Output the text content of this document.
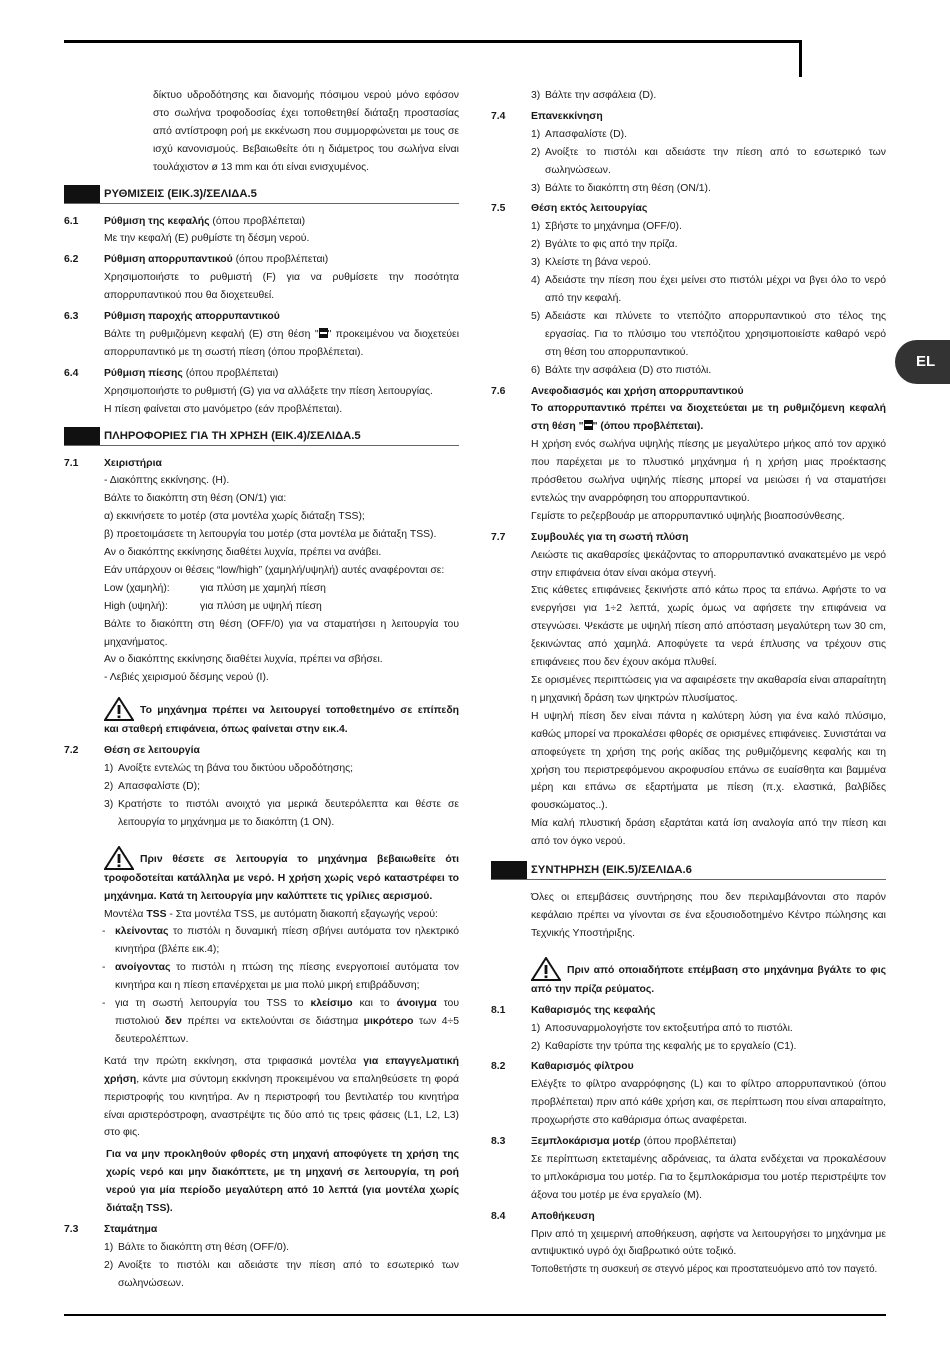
EL

δίκτυο υδροδότησης και διανομής πόσιμου νερού μόνο εφόσον στο σωλήνα τροφοδοσίας έχει τοποθετηθεί διάταξη προστασίας από αντίστροφη ροή με εκκένωση που συμμορφώνεται με τους σε ισχύ κανονισμούς. Βεβαιωθείτε ότι η διάμετρος του σωλήνα είναι τουλάχιστον ø 13 mm και ότι είναι ενισχυμένος.

ΡΥΘΜΙΣΕΙΣ (ΕΙΚ.3)/ΣΕΛΙΔΑ.5
6.1 Ρύθμιση της κεφαλής (όπου προβλέπεται)

Με την κεφαλή (E) ρυθμίστε τη δέσμη νερού.

6.2 Ρύθμιση απορρυπαντικού (όπου προβλέπεται)

Χρησιμοποιήστε το ρυθμιστή (F) για να ρυθμίσετε την ποσότητα απορρυπαντικού που θα διοχετευθεί.

6.3 Ρύθμιση παροχής απορρυπαντικού

Βάλτε τη ρυθμιζόμενη κεφαλή (E) στη θέση " " προκειμένου να διοχετεύει απορρυπαντικό με τη σωστή πίεση (όπου προβλέπεται).

6.4 Ρύθμιση πίεσης (όπου προβλέπεται)

Χρησιμοποιήστε το ρυθμιστή (G) για να αλλάξετε την πίεση λειτουργίας.

Η πίεση φαίνεται στο μανόμετρο (εάν προβλέπεται).

ΠΛΗΡΟΦΟΡΙΕΣ ΓΙΑ ΤΗ ΧΡΗΣΗ (ΕΙΚ.4)/ΣΕΛΙΔΑ.5
7.1 Χειριστήρια

- Διακόπτης εκκίνησης. (H).

Βάλτε το διακόπτη στη θέση (ON/1) για:

α) εκκινήσετε το μοτέρ (στα μοντέλα χωρίς διάταξη TSS);

β) προετοιμάσετε τη λειτουργία του μοτέρ (στα μοντέλα με διάταξη TSS).

Αν ο διακόπτης εκκίνησης διαθέτει λυχνία, πρέπει να ανάβει.

Εάν υπάρχουν οι θέσεις “low/high” (χαμηλή/υψηλή) αυτές αναφέρονται σε:

Low (χαμηλή):	για πλύση με χαμηλή πίεση
High (υψηλή):	για πλύση με υψηλή πίεση

Βάλτε το διακόπτη στη θέση (OFF/0) για να σταματήσει η λειτουργία του μηχανήματος.

Αν ο διακόπτης εκκίνησης διαθέτει λυχνία, πρέπει να σβήσει.

- Λεβιές χειρισμού δέσμης νερού (I).

Το μηχάνημα πρέπει να λειτουργεί τοποθετημένο σε επίπεδη και σταθερή επιφάνεια, όπως φαίνεται στην εικ.4.

7.2 Θέση σε λειτουργία
1) Ανοίξτε εντελώς τη βάνα του δικτύου υδροδότησης;
2) Απασφαλίστε (D);
3) Κρατήστε το πιστόλι ανοιχτό για μερικά δευτερόλεπτα και θέστε σε λειτουργία το μηχάνημα με το διακόπτη (1 ON).

Πριν θέσετε σε λειτουργία το μηχάνημα βεβαιωθείτε ότι τροφοδοτείται κατάλληλα με νερό. Η χρήση χωρίς νερό καταστρέφει το μηχάνημα. Κατά τη λειτουργία μην καλύπτετε τις γρίλιες αερισμού.

Μοντέλα TSS - Στα μοντέλα TSS, με αυτόματη διακοπή εξαγωγής νερού:

- κλείνοντας το πιστόλι η δυναμική πίεση σβήνει αυτόματα τον ηλεκτρικό κινητήρα (βλέπε εικ.4);
- ανοίγοντας το πιστόλι η πτώση της πίεσης ενεργοποιεί αυτόματα τον κινητήρα και η πίεση επανέρχεται με μια πολύ μικρή επιβράδυνση;
- για τη σωστή λειτουργία του TSS το κλείσιμο και το άνοιγμα του πιστολιού δεν πρέπει να εκτελούνται σε διάστημα μικρότερο των 4÷5 δευτερολέπτων.

Κατά την πρώτη εκκίνηση, στα τριφασικά μοντέλα για επαγγελματική χρήση, κάντε μια σύντομη εκκίνηση προκειμένου να επαληθεύσετε τη φορά περιστροφής του κινητήρα. Αν η περιστροφή του βεντιλατέρ του κινητήρα είναι αριστερόστροφη, αναστρέψτε τις δύο από τις τρεις φάσεις (L1, L2, L3) στο φις.

Για να μην προκληθούν φθορές στη μηχανή αποφύγετε τη χρήση της χωρίς νερό και μην διακόπτετε, με τη μηχανή σε λειτουργία, τη ροή νερού για μία περίοδο μεγαλύτερη από 10 λεπτά (για μοντέλα χωρίς διάταξη TSS).

7.3 Σταμάτημα
1) Βάλτε το διακόπτη στη θέση (OFF/0).
2) Ανοίξτε το πιστόλι και αδειάστε την πίεση από το εσωτερικό των σωληνώσεων.
3) Βάλτε την ασφάλεια (D).
7.4 Επανεκκίνηση
1) Απασφαλίστε (D).
2) Ανοίξτε το πιστόλι και αδειάστε την πίεση από το εσωτερικό των σωληνώσεων.
3) Βάλτε το διακόπτη στη θέση (ON/1).
7.5 Θέση εκτός λειτουργίας
1) Σβήστε το μηχάνημα (OFF/0).
2) Βγάλτε το φις από την πρίζα.
3) Κλείστε τη βάνα νερού.
4) Αδειάστε την πίεση που έχει μείνει στο πιστόλι μέχρι να βγει όλο το νερό από την κεφαλή.
5) Αδειάστε και πλύνετε το ντεπόζιτο απορρυπαντικού στο τέλος της εργασίας. Για το πλύσιμο του ντεπόζιτου χρησιμοποιείστε καθαρό νερό στη θέση του απορρυπαντικού.
6) Βάλτε την ασφάλεια (D) στο πιστόλι.
7.6 Ανεφοδιασμός και χρήση απορρυπαντικού

Το απορρυπαντικό πρέπει να διοχετεύεται με τη ρυθμιζόμενη κεφαλή στη θέση " " (όπου προβλέπεται).

Η χρήση ενός σωλήνα υψηλής πίεσης με μεγαλύτερο μήκος από τον αρχικό που παρέχεται με το πλυστικό μηχάνημα ή η χρήση μιας προέκτασης πρόσθετου σωλήνα υψηλής πίεσης μπορεί να μειώσει ή να σταματήσει εντελώς την αναρρόφηση του απορρυπαντικού.

Γεμίστε το ρεζερβουάρ με απορρυπαντικό υψηλής βιοαποσύνθεσης.

7.7 Συμβουλές για τη σωστή πλύση

Λειώστε τις ακαθαρσίες ψεκάζοντας το απορρυπαντικό ανακατεμένο με νερό στην επιφάνεια όταν είναι ακόμα στεγνή.

Στις κάθετες επιφάνειες ξεκινήστε από κάτω προς τα επάνω. Αφήστε το να ενεργήσει για 1÷2 λεπτά, χωρίς όμως να αφήσετε την επιφάνεια να στεγνώσει. Ψεκάστε με υψηλή πίεση από απόσταση μεγαλύτερη των 30 cm, ξεκινώντας από χαμηλά. Αποφύγετε τα νερά έπλυσης να τρέχουν στις επιφάνειες που δεν έχουν ακόμα πλυθεί.

Σε ορισμένες περιπτώσεις για να αφαιρέσετε την ακαθαρσία είναι απαραίτητη η μηχανική δράση των ψηκτρών πλυσίματος.

Η υψηλή πίεση δεν είναι πάντα η καλύτερη λύση για ένα καλό πλύσιμο, καθώς μπορεί να προκαλέσει φθορές σε ορισμένες επιφάνειες. Συνιστάται να αποφεύγετε τη χρήση της ροής ακίδας της ρυθμιζόμενης κεφαλής και τη χρήση του περιστρεφόμενου ακροφυσίου επάνω σε ευαίσθητα και βαμμένα μέρη και επάνω σε εξαρτήματα με πίεση (π.χ. ελαστικά, βαλβίδες φουσκώματος..).

Μία καλή πλυστική δράση εξαρτάται κατά ίση αναλογία από την πίεση και από τον όγκο νερού.

ΣΥΝΤΗΡΗΣΗ (ΕΙΚ.5)/ΣΕΛΙΔΑ.6

Όλες οι επεμβάσεις συντήρησης που δεν περιλαμβάνονται στο παρόν κεφάλαιο πρέπει να γίνονται σε ένα εξουσιοδοτημένο Κέντρο πώλησης και Τεχνικής Υποστήριξης.

Πριν από οποιαδήποτε επέμβαση στο μηχάνημα βγάλτε το φις από την πρίζα ρεύματος.

8.1 Καθαρισμός της κεφαλής
1) Αποσυναρμολογήστε τον εκτοξευτήρα από το πιστόλι.
2) Καθαρίστε την τρύπα της κεφαλής με το εργαλείο (C1).
8.2 Καθαρισμός φίλτρου

Ελέγξτε το φίλτρο αναρρόφησης (L) και το φίλτρο απορρυπαντικού (όπου προβλέπεται) πριν από κάθε χρήση και, σε περίπτωση που είναι απαραίτητο, προχωρήστε στο καθάρισμα όπως αναφέρεται.

8.3 Ξεμπλοκάρισμα μοτέρ (όπου προβλέπεται)

Σε περίπτωση εκτεταμένης αδράνειας, τα άλατα ενδέχεται να προκαλέσουν το μπλοκάρισμα του μοτέρ. Για το ξεμπλοκάρισμα του μοτέρ περιστρέψτε τον άξονα του μοτέρ με ένα εργαλείο (M).

8.4 Αποθήκευση

Πριν από τη χειμερινή αποθήκευση, αφήστε να λειτουργήσει το μηχάνημα με αντιψυκτικό υγρό όχι διαβρωτικό ούτε τοξικό.

Τοποθετήστε τη συσκευή σε στεγνό μέρος και προστατευόμενο από τον παγετό.
